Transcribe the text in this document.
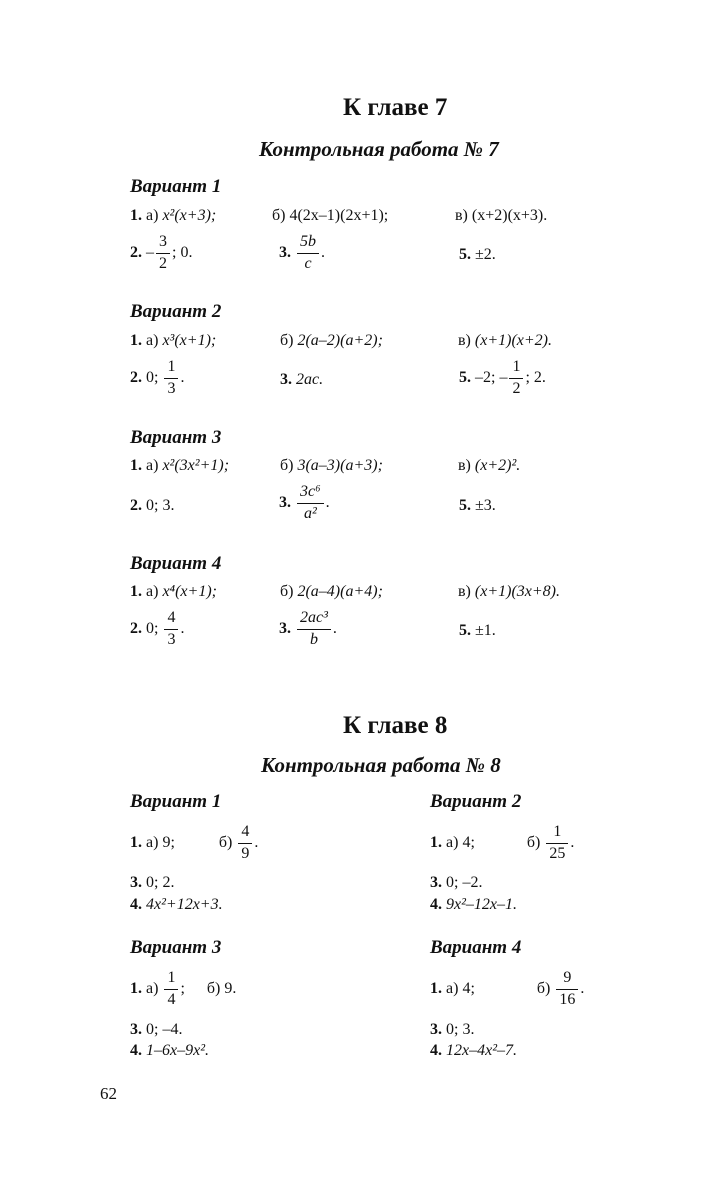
К главе 7
Контрольная работа № 7
Вариант 1
1. а) x²(x+3);	б) 4(2x–1)(2x+1);	в) (x+2)(x+3).
2. – $\frac{3}{2}$ ; 0.	3. $\frac{5b}{c}$ .	5. ±2.
Вариант 2
1. а) x³(x+1);	б) 2(a–2)(a+2);	в) (x+1)(x+2).
2. 0; $\frac{1}{3}$ .	3. 2ac.	5. –2; – $\frac{1}{2}$ ; 2.
Вариант 3
1. а) x²(3x²+1);	б) 3(a–3)(a+3);	в) (x+2)².
2. 0; 3.	3. $\frac{\text{3c⁶}}{\text{a²}}$ .	5. ±3.
Вариант 4
1. а) x⁴(x+1);	б) 2(a–4)(a+4);	в) (x+1)(3x+8).
2. 0; $\frac{4}{3}$ .	3. $\frac{\text{2ac³}}{b}$ .	5. ±1.
К главе 8
Контрольная работа № 8
Вариант 1
1. а) 9;	$б) \frac{4}{9}$ .
3. 0; 2.
4. 4x²+12x+3.
Вариант 2
1. а) 4;	$б) \frac{1}{25}$ .
3. 0; –2.
4. 9x²–12x–1.
Вариант 3
1. $а) \frac{1}{4}$ ; б) 9.
3. 0; –4.
4. 1–6x–9x².
Вариант 4
1. а) 4;	$б) \frac{9}{16}$ .
3. 0; 3.
4. 12x–4x²–7.
62
